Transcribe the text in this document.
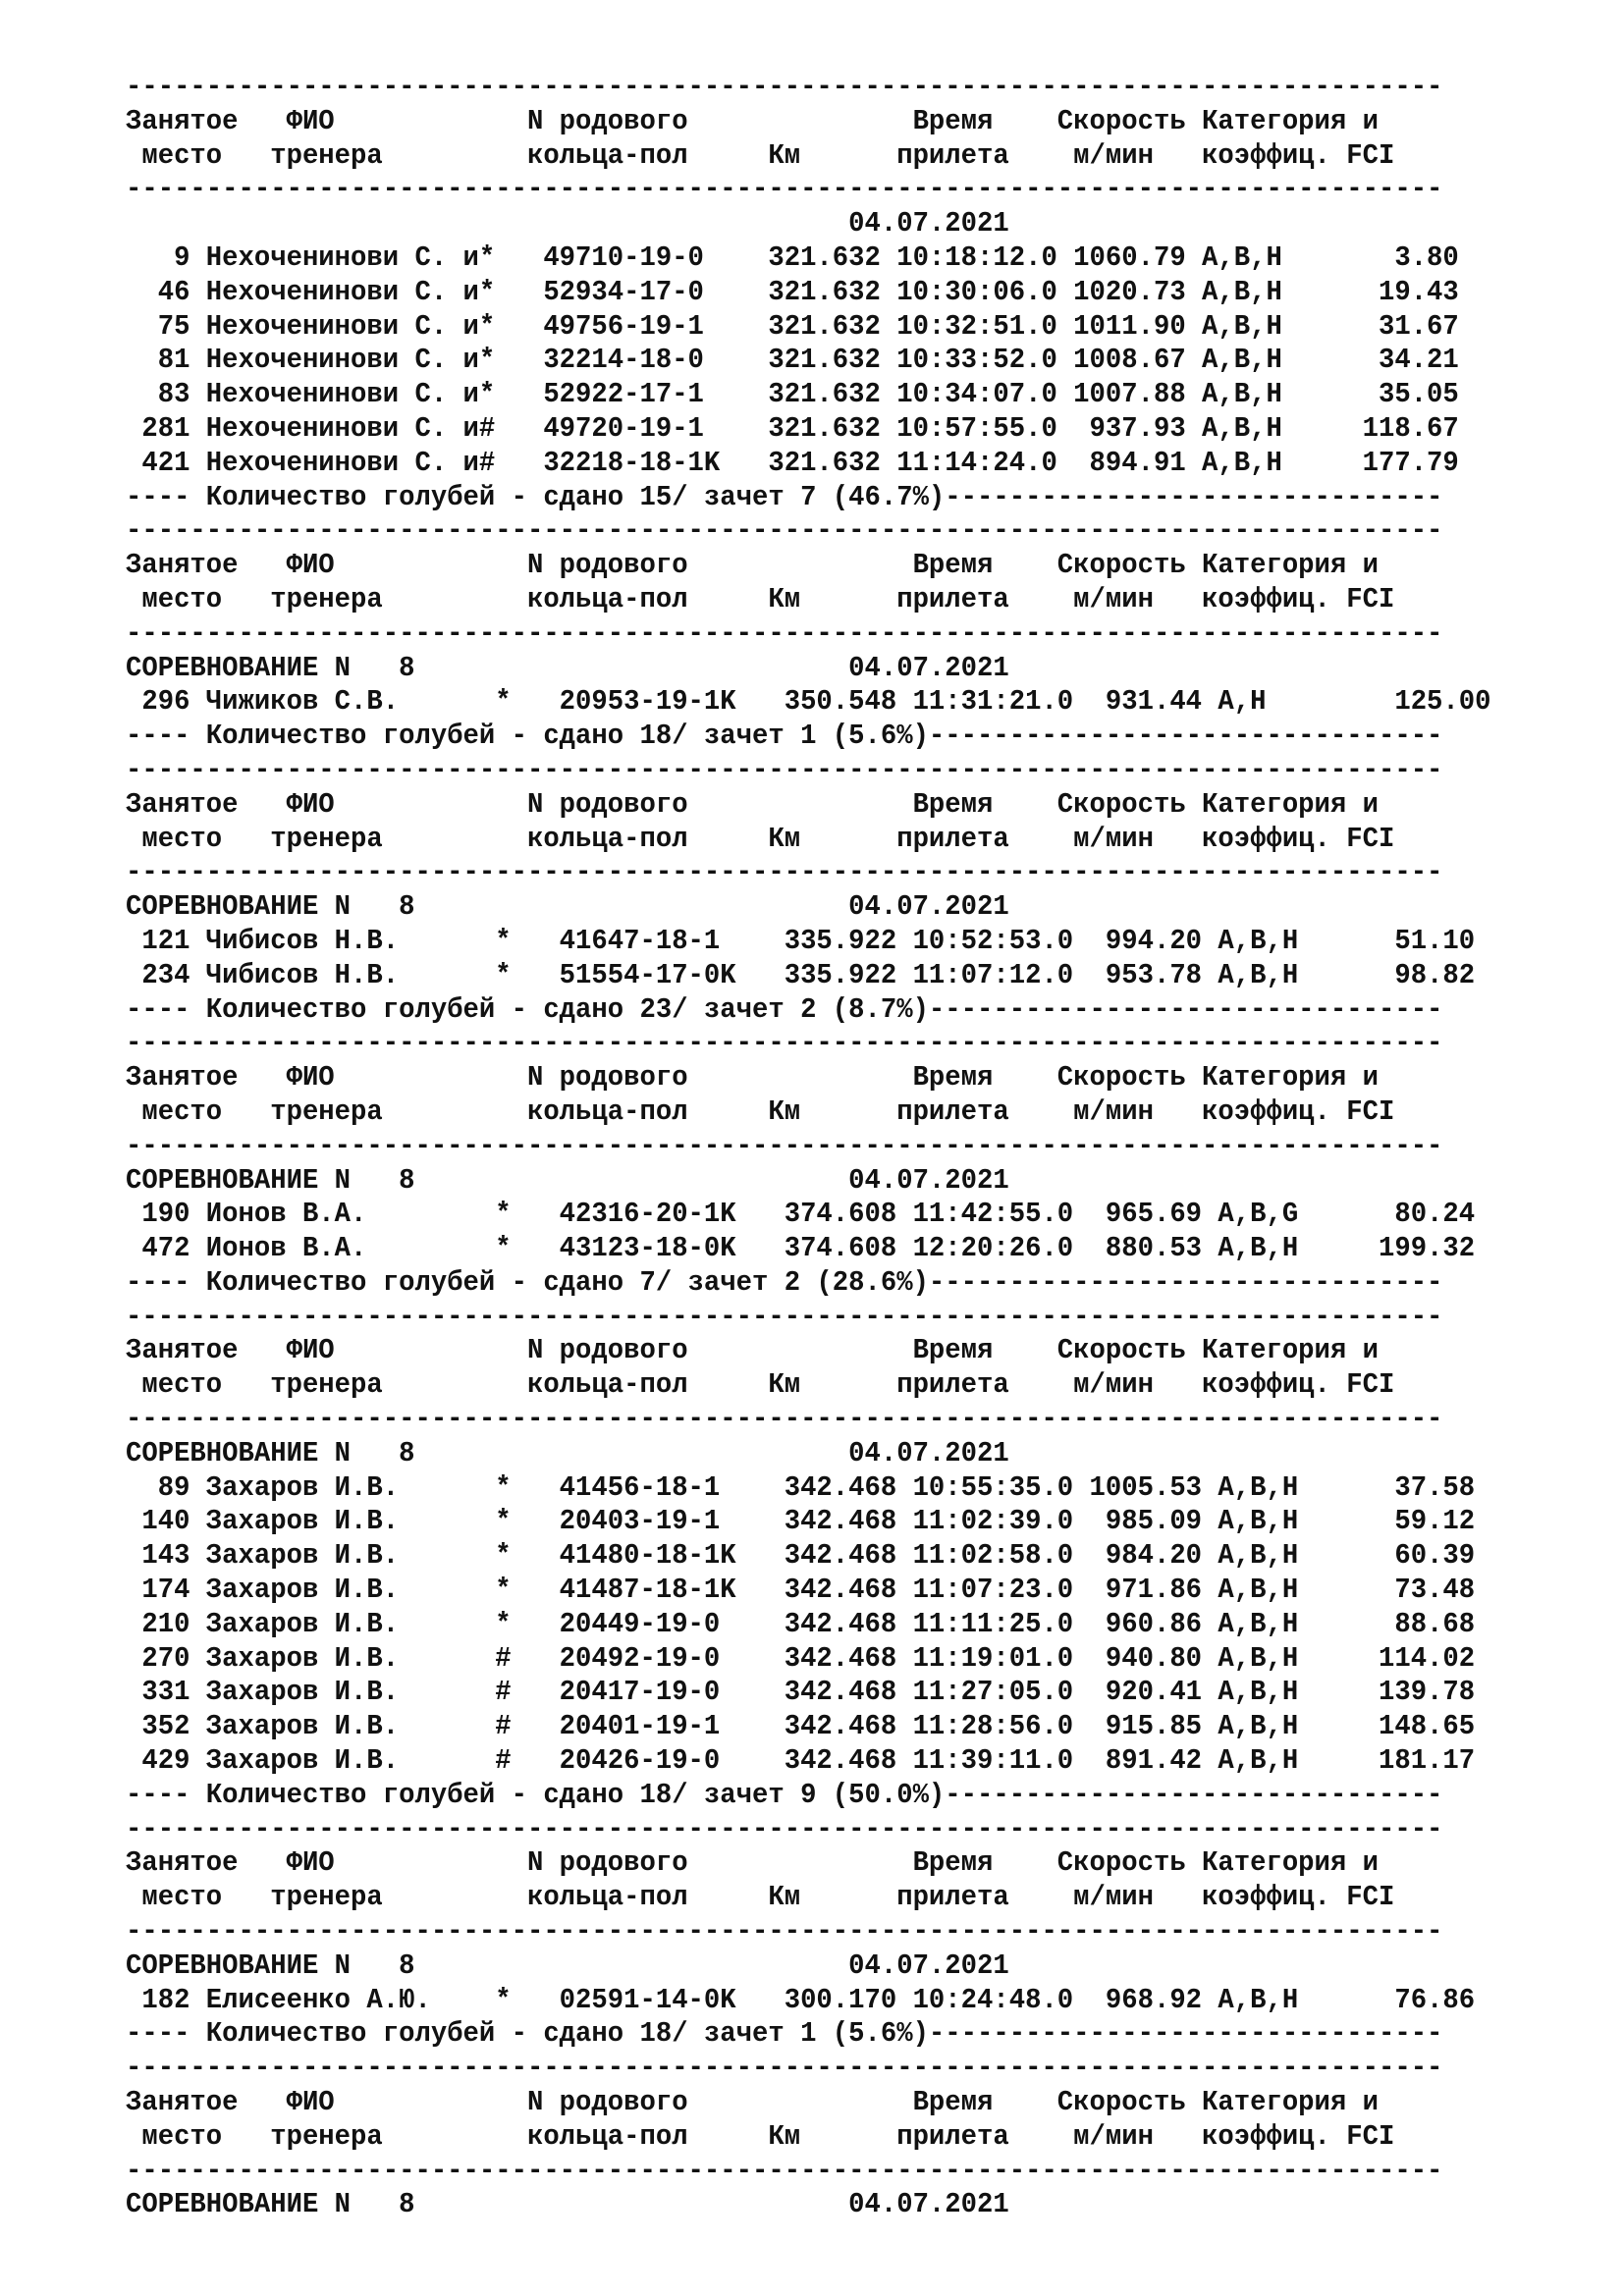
----------------------------------------------------------------------------------
Занятое   ФИО            N родового              Время    Скорость Категория и
место   тренера         кольца-пол     Км      прилета    м/мин   коэффиц. FCI
----------------------------------------------------------------------------------
04.07.2021
9 Нехоченинови С. и*   49710-19-0    321.632 10:18:12.0 1060.79 A,B,H       3.80
46 Нехоченинови С. и*   52934-17-0    321.632 10:30:06.0 1020.73 A,B,H      19.43
75 Нехоченинови С. и*   49756-19-1    321.632 10:32:51.0 1011.90 A,B,H      31.67
81 Нехоченинови С. и*   32214-18-0    321.632 10:33:52.0 1008.67 A,B,H      34.21
83 Нехоченинови С. и*   52922-17-1    321.632 10:34:07.0 1007.88 A,B,H      35.05
281 Нехоченинови С. и#   49720-19-1    321.632 10:57:55.0  937.93 A,B,H     118.67
421 Нехоченинови С. и#   32218-18-1K   321.632 11:14:24.0  894.91 A,B,H     177.79
---- Количество голубей - сдано 15/ зачет 7 (46.7%)-------------------------------
----------------------------------------------------------------------------------
Занятое   ФИО            N родового              Время    Скорость Категория и
место   тренера         кольца-пол     Км      прилета    м/мин   коэффиц. FCI
----------------------------------------------------------------------------------
СОРЕВНОВАНИЕ N   8                           04.07.2021
296 Чижиков С.В.      *   20953-19-1K   350.548 11:31:21.0  931.44 A,H        125.00
---- Количество голубей - сдано 18/ зачет 1 (5.6%)--------------------------------
----------------------------------------------------------------------------------
Занятое   ФИО            N родового              Время    Скорость Категория и
место   тренера         кольца-пол     Км      прилета    м/мин   коэффиц. FCI
----------------------------------------------------------------------------------
СОРЕВНОВАНИЕ N   8                           04.07.2021
121 Чибисов Н.В.      *   41647-18-1    335.922 10:52:53.0  994.20 A,B,H      51.10
234 Чибисов Н.В.      *   51554-17-0K   335.922 11:07:12.0  953.78 A,B,H      98.82
---- Количество голубей - сдано 23/ зачет 2 (8.7%)--------------------------------
----------------------------------------------------------------------------------
Занятое   ФИО            N родового              Время    Скорость Категория и
место   тренера         кольца-пол     Км      прилета    м/мин   коэффиц. FCI
----------------------------------------------------------------------------------
СОРЕВНОВАНИЕ N   8                           04.07.2021
190 Ионов В.А.        *   42316-20-1K   374.608 11:42:55.0  965.69 A,B,G      80.24
472 Ионов В.А.        *   43123-18-0K   374.608 12:20:26.0  880.53 A,B,H     199.32
---- Количество голубей - сдано 7/ зачет 2 (28.6%)--------------------------------
----------------------------------------------------------------------------------
Занятое   ФИО            N родового              Время    Скорость Категория и
место   тренера         кольца-пол     Км      прилета    м/мин   коэффиц. FCI
----------------------------------------------------------------------------------
СОРЕВНОВАНИЕ N   8                           04.07.2021
89 Захаров И.В.      *   41456-18-1    342.468 10:55:35.0 1005.53 A,B,H      37.58
140 Захаров И.В.      *   20403-19-1    342.468 11:02:39.0  985.09 A,B,H      59.12
143 Захаров И.В.      *   41480-18-1K   342.468 11:02:58.0  984.20 A,B,H      60.39
174 Захаров И.В.      *   41487-18-1K   342.468 11:07:23.0  971.86 A,B,H      73.48
210 Захаров И.В.      *   20449-19-0    342.468 11:11:25.0  960.86 A,B,H      88.68
270 Захаров И.В.      #   20492-19-0    342.468 11:19:01.0  940.80 A,B,H     114.02
331 Захаров И.В.      #   20417-19-0    342.468 11:27:05.0  920.41 A,B,H     139.78
352 Захаров И.В.      #   20401-19-1    342.468 11:28:56.0  915.85 A,B,H     148.65
429 Захаров И.В.      #   20426-19-0    342.468 11:39:11.0  891.42 A,B,H     181.17
---- Количество голубей - сдано 18/ зачет 9 (50.0%)-------------------------------
----------------------------------------------------------------------------------
Занятое   ФИО            N родового              Время    Скорость Категория и
место   тренера         кольца-пол     Км      прилета    м/мин   коэффиц. FCI
----------------------------------------------------------------------------------
СОРЕВНОВАНИЕ N   8                           04.07.2021
182 Елисеенко А.Ю.    *   02591-14-0K   300.170 10:24:48.0  968.92 A,B,H      76.86
---- Количество голубей - сдано 18/ зачет 1 (5.6%)--------------------------------
----------------------------------------------------------------------------------
Занятое   ФИО            N родового              Время    Скорость Категория и
место   тренера         кольца-пол     Км      прилета    м/мин   коэффиц. FCI
----------------------------------------------------------------------------------
СОРЕВНОВАНИЕ N   8                           04.07.2021
